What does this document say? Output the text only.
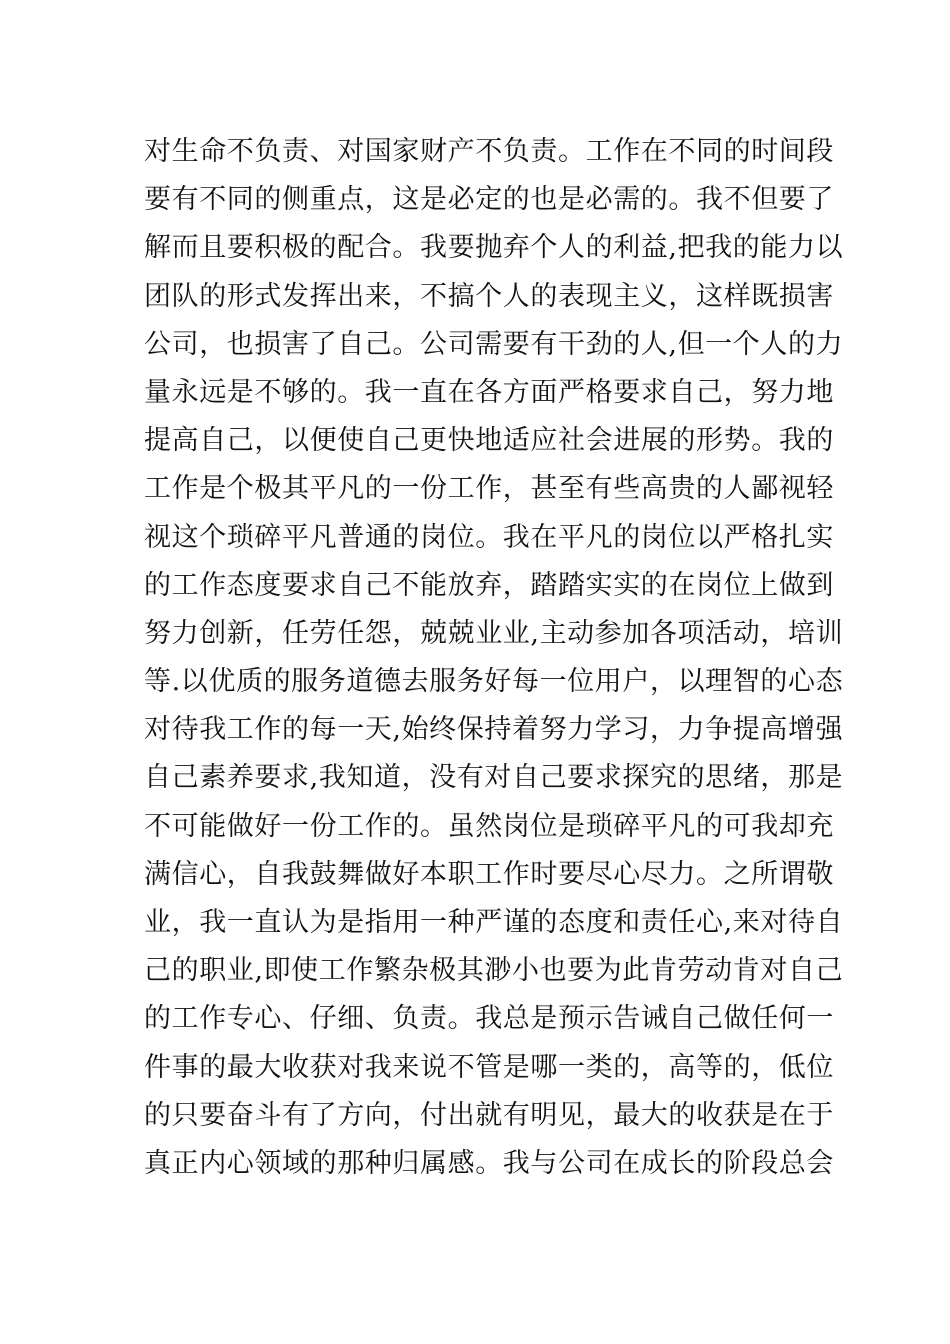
对生命不负责、对国家财产不负责。工作在不同的时间段
要有不同的侧重点，这是必定的也是必需的。我不但要了
解而且要积极的配合。我要抛弃个人的利益,把我的能力以
团队的形式发挥出来，不搞个人的表现主义，这样既损害
公司，也损害了自己。公司需要有干劲的人,但一个人的力
量永远是不够的。我一直在各方面严格要求自己，努力地
提高自己，以便使自己更快地适应社会进展的形势。我的
工作是个极其平凡的一份工作，甚至有些高贵的人鄙视轻
视这个琐碎平凡普通的岗位。我在平凡的岗位以严格扎实
的工作态度要求自己不能放弃，踏踏实实的在岗位上做到
努力创新，任劳任怨，兢兢业业,主动参加各项活动，培训
等.以优质的服务道德去服务好每一位用户，以理智的心态
对待我工作的每一天,始终保持着努力学习，力争提高增强
自己素养要求,我知道，没有对自己要求探究的思绪，那是
不可能做好一份工作的。虽然岗位是琐碎平凡的可我却充
满信心，自我鼓舞做好本职工作时要尽心尽力。之所谓敬
业，我一直认为是指用一种严谨的态度和责任心,来对待自
己的职业,即使工作繁杂极其渺小也要为此肯劳动肯对自己
的工作专心、仔细、负责。我总是预示告诫自己做任何一
件事的最大收获对我来说不管是哪一类的，高等的，低位
的只要奋斗有了方向，付出就有明见，最大的收获是在于
真正内心领域的那种归属感。我与公司在成长的阶段总会
